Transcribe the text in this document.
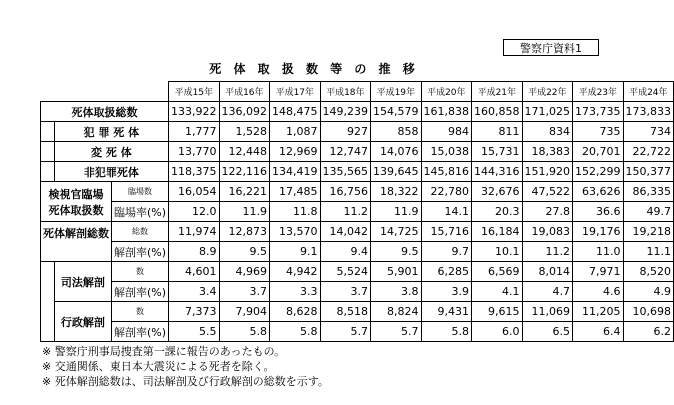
警察庁資料1
死 体 取 扱 数 等 の 推 移
			平成15年	平成16年	平成17年	平成18年	平成19年	平成20年	平成21年	平成22年	平成23年	平成24年
死体取扱総数			133,922	136,092	148,475	149,239	154,579	161,838	160,858	171,025	173,735	173,833
	犯 罪 死 体		1,777	1,528	1,087	927	858	984	811	834	735	734
	変 死 体		13,770	12,448	12,969	12,747	14,076	15,038	15,731	18,383	20,701	22,722
	非犯罪死体		118,375	122,116	134,419	135,565	139,645	145,816	144,316	151,920	152,299	150,377

検視官臨場
死体取扱数		臨場数	16,054	16,221	17,485	16,756	18,322	22,780	32,676	47,522	63,626	86,335
		臨場率(%)	12.0	11.9	11.8	11.2	11.9	14.1	20.3	27.8	36.6	49.7
死体解剖総数		総数	11,974	12,873	13,570	14,042	14,725	15,716	16,184	19,083	19,176	19,218
		解剖率(%)	8.9	9.5	9.1	9.4	9.5	9.7	10.1	11.2	11.0	11.1
	司法解剖	数	4,601	4,969	4,942	5,524	5,901	6,285	6,569	8,014	7,971	8,520
		解剖率(%)	3.4	3.7	3.3	3.7	3.8	3.9	4.1	4.7	4.6	4.9
	行政解剖	数	7,373	7,904	8,628	8,518	8,824	9,431	9,615	11,069	11,205	10,698
		解剖率(%)	5.5	5.8	5.8	5.7	5.7	5.8	6.0	6.5	6.4	6.2
※ 警察庁刑事局捜査第一課に報告のあったもの。
※ 交通関係、東日本大震災による死者を除く。
※ 死体解剖総数は、司法解剖及び行政解剖の総数を示す。
